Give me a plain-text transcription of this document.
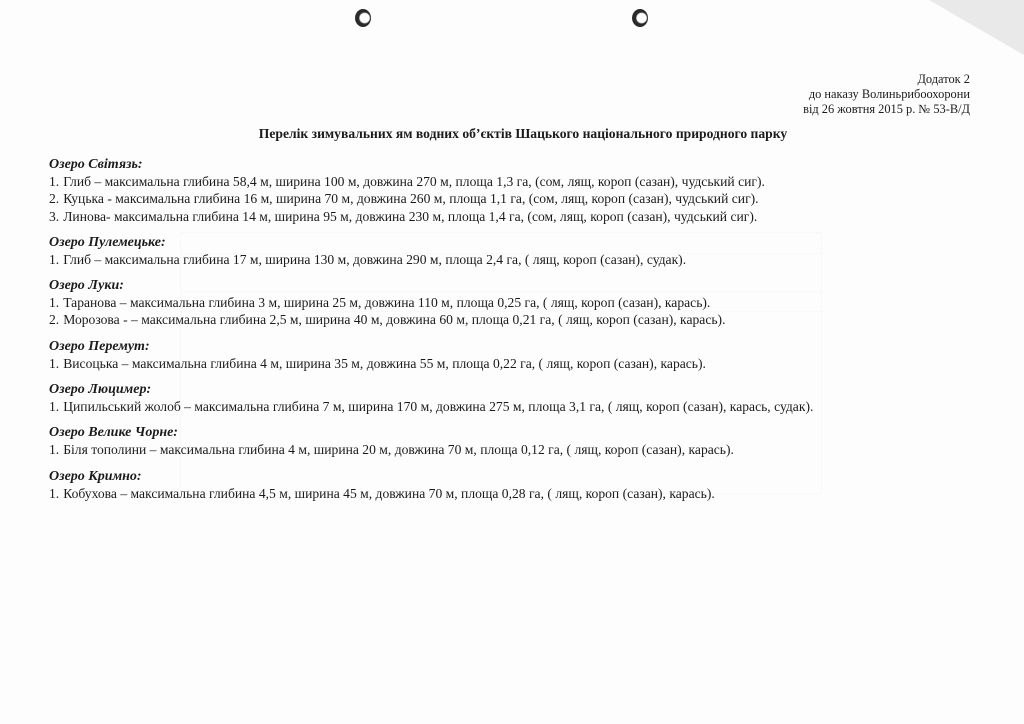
Додаток 2
до наказу Волиньрибоохорони
від 26 жовтня 2015 р. № 53-В/Д
Перелік зимувальних ям водних об’єктів Шацького національного природного парку
Озеро Світязь:
1. Глиб – максимальна глибина 58,4 м, ширина 100 м, довжина 270 м, площа 1,3 га, (сом, лящ, короп (сазан), чудський сиг).
2. Куцька - максимальна глибина 16 м, ширина 70 м, довжина 260 м, площа 1,1 га, (сом, лящ, короп (сазан), чудський сиг).
3. Линова- максимальна глибина 14 м, ширина 95 м, довжина 230 м, площа 1,4 га, (сом, лящ, короп (сазан), чудський сиг).
Озеро Пулемецьке:
1. Глиб – максимальна глибина 17 м, ширина 130 м, довжина 290 м, площа 2,4 га, ( лящ, короп (сазан), судак).
Озеро Луки:
1. Таранова – максимальна глибина 3 м, ширина 25 м, довжина 110 м, площа 0,25 га, ( лящ, короп (сазан), карась).
2. Морозова - – максимальна глибина 2,5 м, ширина 40 м, довжина 60 м, площа 0,21 га, ( лящ, короп (сазан), карась).
Озеро Перемут:
1. Висоцька – максимальна глибина 4 м, ширина 35 м, довжина 55 м, площа 0,22 га, ( лящ, короп (сазан), карась).
Озеро Люцимер:
1. Ципильський жолоб – максимальна глибина 7 м, ширина 170 м, довжина 275 м, площа 3,1 га, ( лящ, короп (сазан), карась, судак).
Озеро Велике Чорне:
1. Біля тополини – максимальна глибина 4 м, ширина 20 м, довжина 70 м, площа 0,12 га, ( лящ, короп (сазан), карась).
Озеро Кримно:
1. Кобухова – максимальна глибина 4,5 м, ширина 45 м, довжина 70 м, площа 0,28 га, ( лящ, короп (сазан), карась).
